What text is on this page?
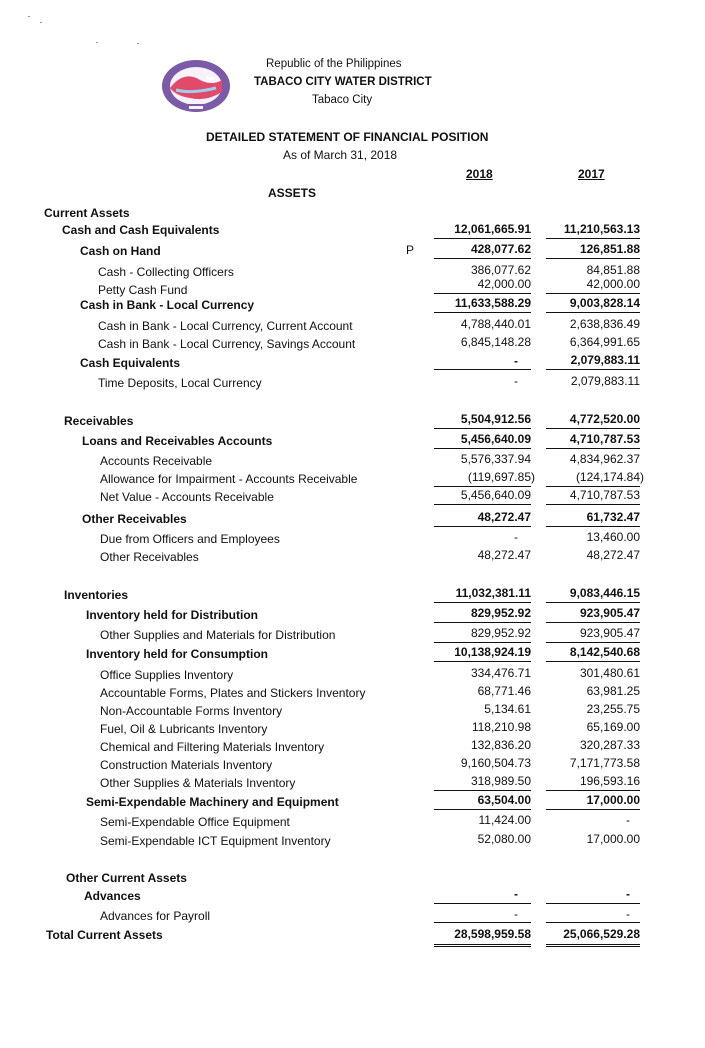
Republic of the Philippines
TABACO CITY WATER DISTRICT
Tabaco City
DETAILED STATEMENT OF FINANCIAL POSITION
As of March 31, 2018
2018	2017
ASSETS
Current Assets
Cash and Cash Equivalents	12,061,665.91	11,210,563.13
Cash on Hand	P	428,077.62	126,851.88
Cash - Collecting Officers	386,077.62	84,851.88
Petty Cash Fund	42,000.00	42,000.00
Cash in Bank - Local Currency	11,633,588.29	9,003,828.14
Cash in Bank - Local Currency, Current Account	4,788,440.01	2,638,836.49
Cash in Bank - Local Currency, Savings Account	6,845,148.28	6,364,991.65
Cash Equivalents	-	2,079,883.11
Time Deposits, Local Currency	-	2,079,883.11
Receivables	5,504,912.56	4,772,520.00
Loans and Receivables Accounts	5,456,640.09	4,710,787.53
Accounts Receivable	5,576,337.94	4,834,962.37
Allowance for Impairment - Accounts Receivable	(119,697.85)	(124,174.84)
Net Value - Accounts Receivable	5,456,640.09	4,710,787.53
Other Receivables	48,272.47	61,732.47
Due from Officers and Employees	-	13,460.00
Other Receivables	48,272.47	48,272.47
Inventories	11,032,381.11	9,083,446.15
Inventory held for Distribution	829,952.92	923,905.47
Other Supplies and Materials for Distribution	829,952.92	923,905.47
Inventory held for Consumption	10,138,924.19	8,142,540.68
Office Supplies Inventory	334,476.71	301,480.61
Accountable Forms, Plates and Stickers Inventory	68,771.46	63,981.25
Non-Accountable Forms Inventory	5,134.61	23,255.75
Fuel, Oil & Lubricants Inventory	118,210.98	65,169.00
Chemical and Filtering Materials Inventory	132,836.20	320,287.33
Construction Materials Inventory	9,160,504.73	7,171,773.58
Other Supplies & Materials Inventory	318,989.50	196,593.16
Semi-Expendable Machinery and Equipment	63,504.00	17,000.00
Semi-Expendable Office Equipment	11,424.00	-
Semi-Expendable ICT Equipment Inventory	52,080.00	17,000.00
Other Current Assets
Advances	-	-
Advances for Payroll	-	-
Total Current Assets	28,598,959.58	25,066,529.28
